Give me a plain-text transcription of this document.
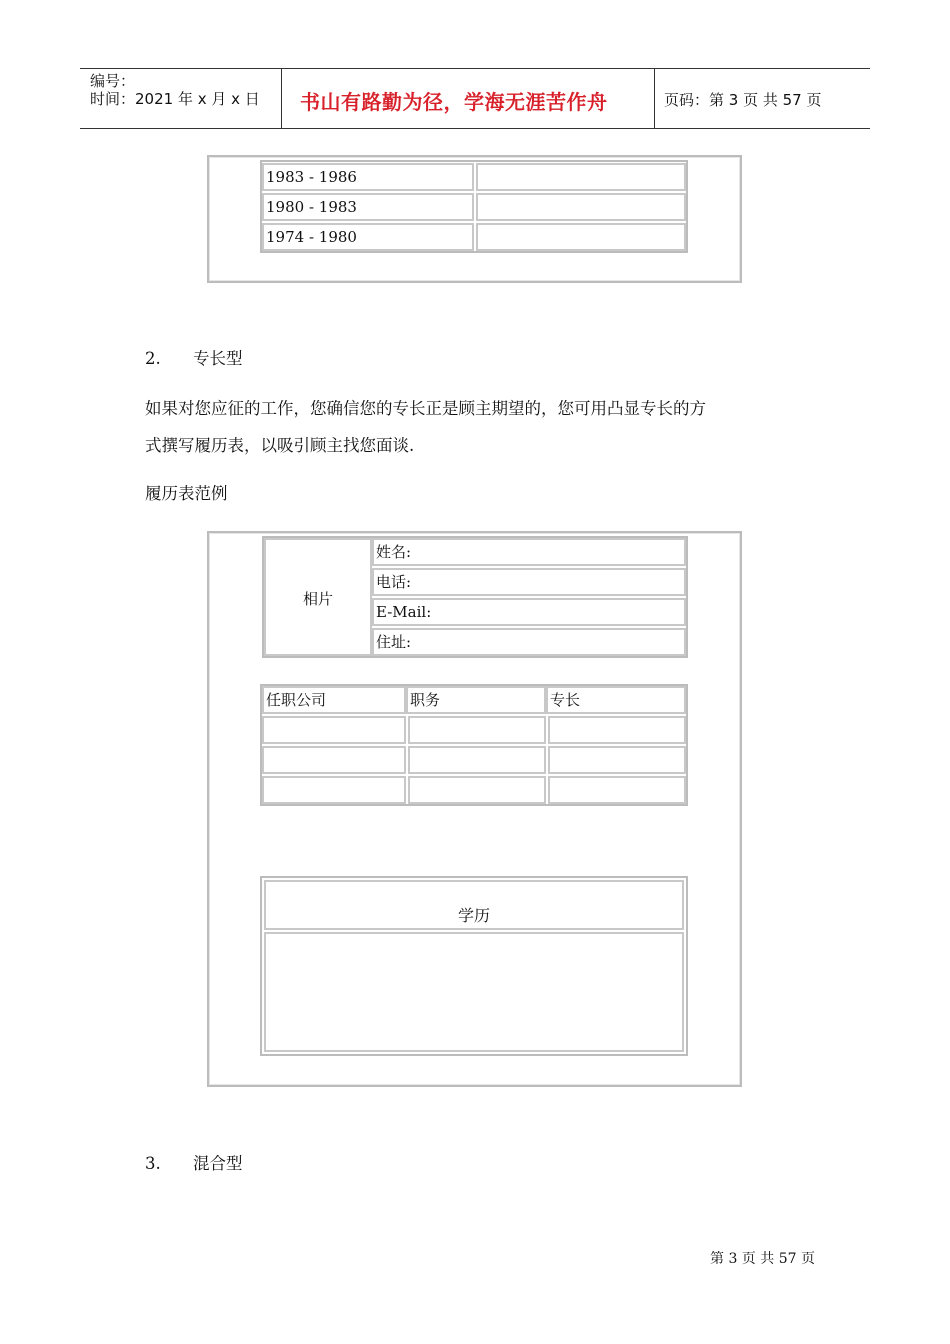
编号：
时间：2021 年 x 月 x 日 书山有路勤为径，学海无涯苦作舟	页码：第 3 页 共 57 页
1983 - 1986
1980 - 1983
1974 - 1980
2. 专长型
如果对您应征的工作，您确信您的专长正是顾主期望的，您可用凸显专长的方
式撰写履历表，以吸引顾主找您面谈.
履历表范例
相片
姓名:
电话:
E-Mail:
住址:
任职公司	职务	专长
学历
3. 混合型
第 3 页 共 57 页
